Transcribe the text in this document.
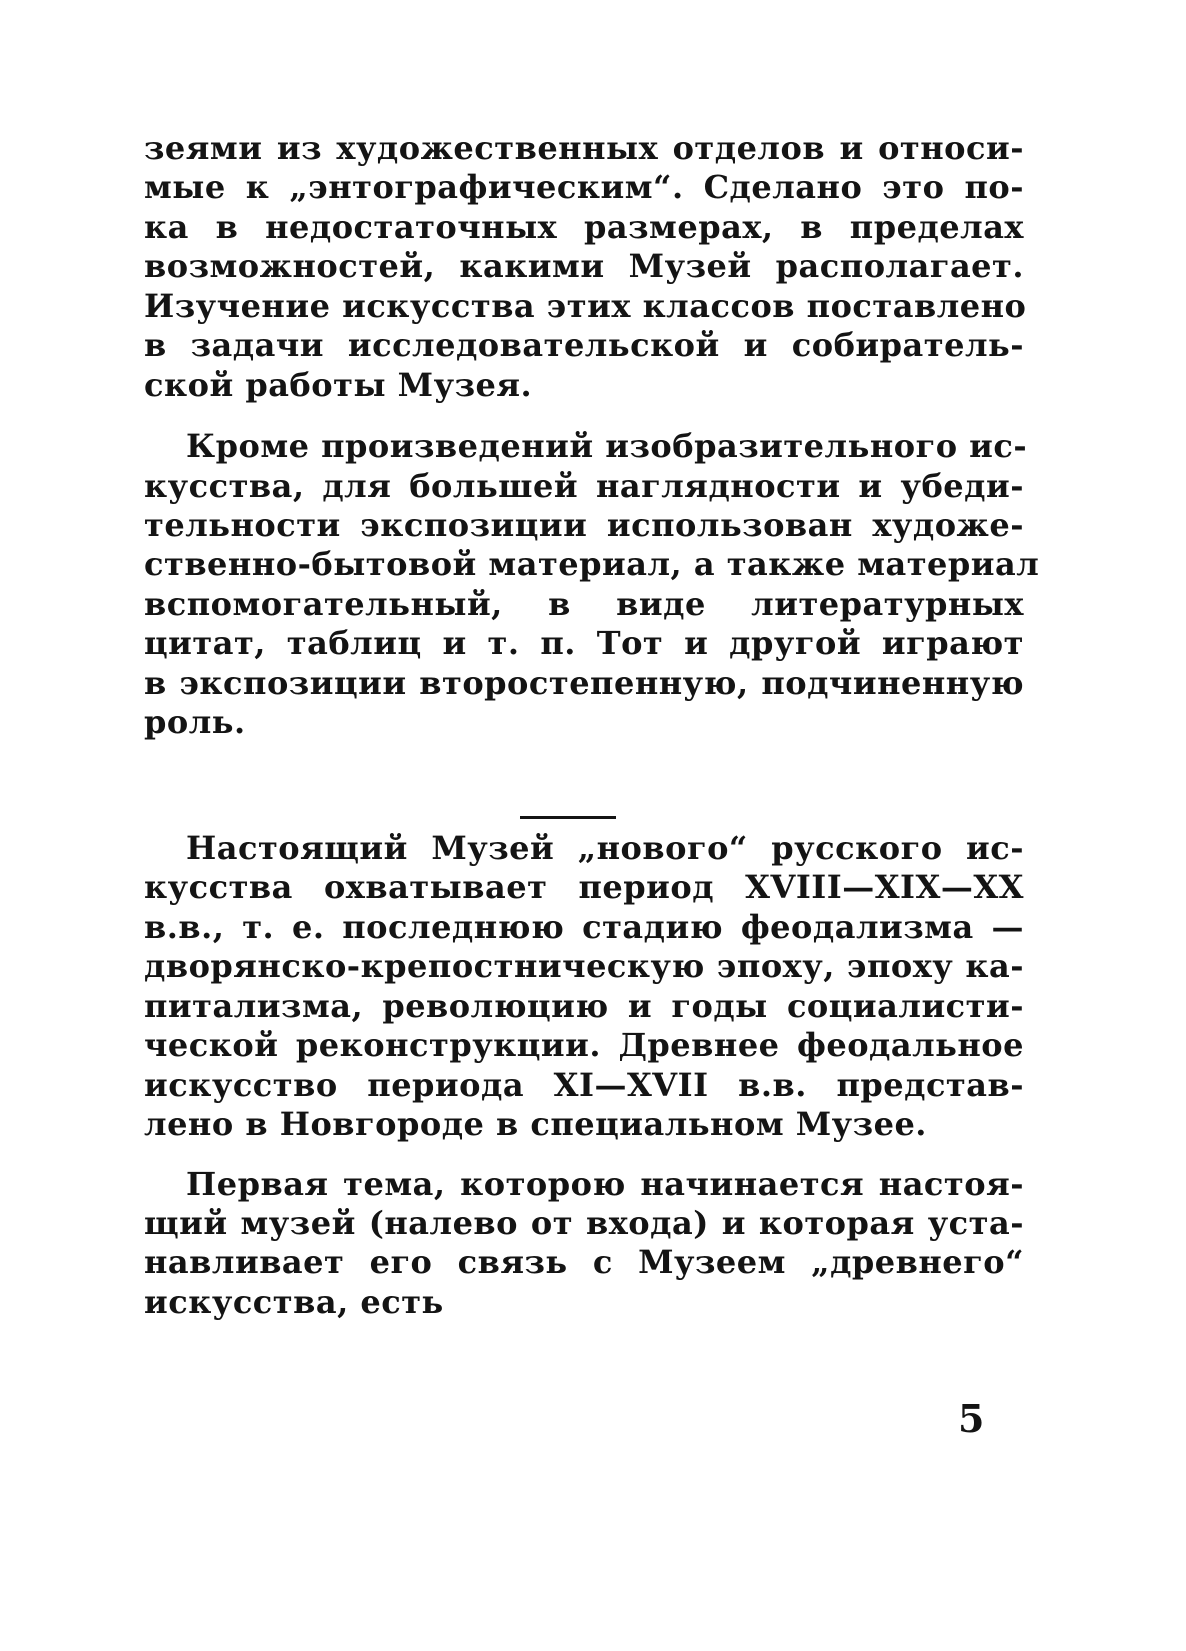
зеями из художественных отделов и относи-
мые к „энтографическим“. Сделано это по-
ка в недостаточных размерах, в пределах
возможностей, какими Музей располагает.
Изучение искусства этих классов поставлено
в задачи исследовательской и собиратель-
ской работы Музея.
Кроме произведений изобразительного ис-
кусства, для большей наглядности и убеди-
тельности экспозиции использован художе-
ственно-бытовой материал, а также материал
вспомогательный, в виде литературных
цитат, таблиц и т. п. Тот и другой играют
в экспозиции второстепенную, подчиненную
роль.
Настоящий Музей „нового“ русского ис-
кусства охватывает период XVIII—XIX—XX
в.в., т. е. последнюю стадию феодализма —
дворянско-крепостническую эпоху, эпоху ка-
питализма, революцию и годы социалисти-
ческой реконструкции. Древнее феодальное
искусство периода XI—XVII в.в. представ-
лено в Новгороде в специальном Музее.
Первая тема, которою начинается настоя-
щий музей (налево от входа) и которая уста-
навливает его связь с Музеем „древнего“
искусства, есть
5
